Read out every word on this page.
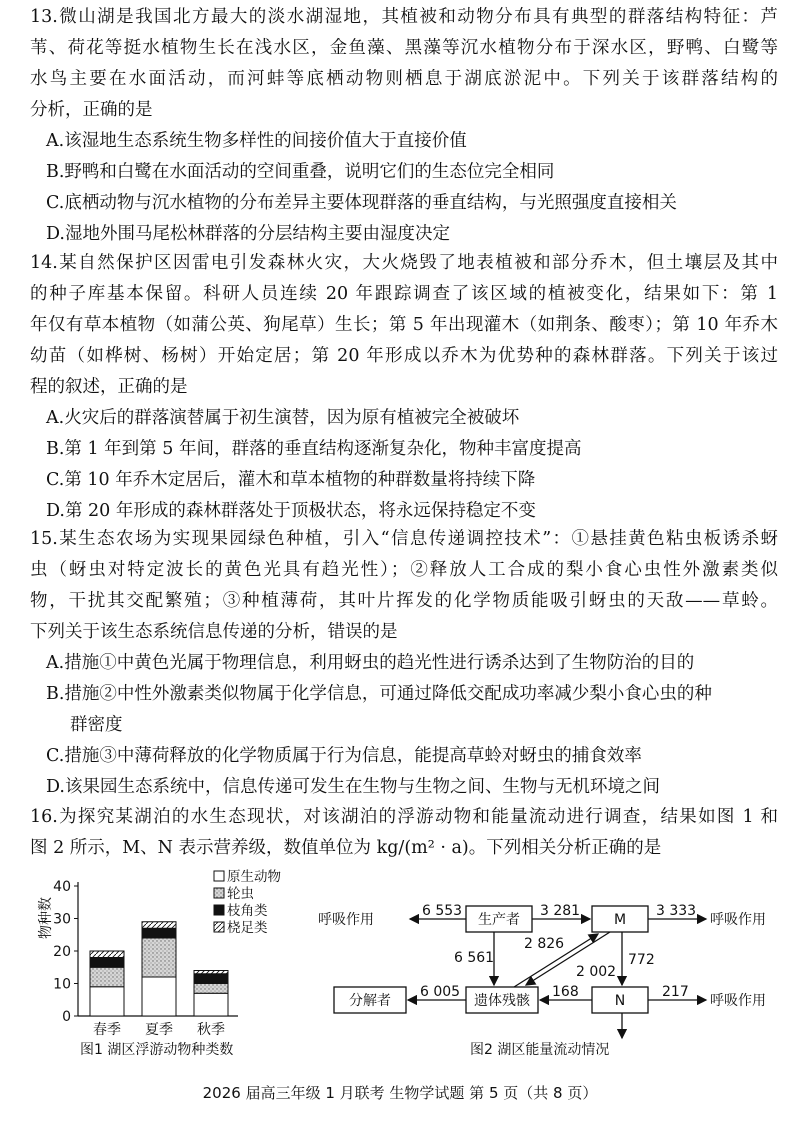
13.微山湖是我国北方最大的淡水湖湿地，其植被和动物分布具有典型的群落结构特征：芦
苇、荷花等挺水植物生长在浅水区，金鱼藻、黑藻等沉水植物分布于深水区，野鸭、白鹭等
水鸟主要在水面活动，而河蚌等底栖动物则栖息于湖底淤泥中。下列关于该群落结构的
分析，正确的是
A.该湿地生态系统生物多样性的间接价值大于直接价值
B.野鸭和白鹭在水面活动的空间重叠，说明它们的生态位完全相同
C.底栖动物与沉水植物的分布差异主要体现群落的垂直结构，与光照强度直接相关
D.湿地外围马尾松林群落的分层结构主要由湿度决定
14.某自然保护区因雷电引发森林火灾，大火烧毁了地表植被和部分乔木，但土壤层及其中
的种子库基本保留。科研人员连续 20 年跟踪调查了该区域的植被变化，结果如下：第 1
年仅有草本植物（如蒲公英、狗尾草）生长；第 5 年出现灌木（如荆条、酸枣）；第 10 年乔木
幼苗（如桦树、杨树）开始定居；第 20 年形成以乔木为优势种的森林群落。下列关于该过
程的叙述，正确的是
A.火灾后的群落演替属于初生演替，因为原有植被完全被破坏
B.第 1 年到第 5 年间，群落的垂直结构逐渐复杂化，物种丰富度提高
C.第 10 年乔木定居后，灌木和草本植物的种群数量将持续下降
D.第 20 年形成的森林群落处于顶极状态，将永远保持稳定不变
15.某生态农场为实现果园绿色种植，引入“信息传递调控技术”：①悬挂黄色粘虫板诱杀蚜
虫（蚜虫对特定波长的黄色光具有趋光性）；②释放人工合成的梨小食心虫性外激素类似
物，干扰其交配繁殖；③种植薄荷，其叶片挥发的化学物质能吸引蚜虫的天敌——草蛉。
下列关于该生态系统信息传递的分析，错误的是
A.措施①中黄色光属于物理信息，利用蚜虫的趋光性进行诱杀达到了生物防治的目的
B.措施②中性外激素类似物属于化学信息，可通过降低交配成功率减少梨小食心虫的种
群密度
C.措施③中薄荷释放的化学物质属于行为信息，能提高草蛉对蚜虫的捕食效率
D.该果园生态系统中，信息传递可发生在生物与生物之间、生物与无机环境之间
16.为探究某湖泊的水生态现状，对该湖泊的浮游动物和能量流动进行调查，结果如图 1 和
图 2 所示，M、N 表示营养级，数值单位为 kg/(m² · a)。下列相关分析正确的是
0
10
20
30
40
春季 夏季 秋季
原生动物
轮虫
枝角类
桡足类
物种数
图1 湖区浮游动物种类数
生产者	M
遗体残骸	N
分解者
呼吸作用	呼吸作用
呼吸作用
6 553	3 281	3 333
6 561
2 826
2 002
772
6 005	168	217
图2 湖区能量流动情况
2026 届高三年级 1 月联考 生物学试题 第 5 页（共 8 页）
